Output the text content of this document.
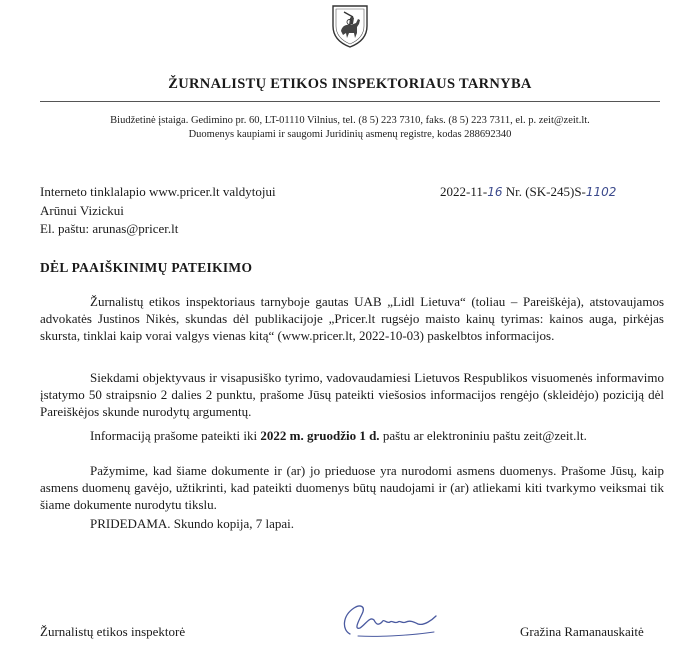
ŽURNALISTŲ ETIKOS INSPEKTORIAUS TARNYBA
Biudžetinė įstaiga. Gedimino pr. 60, LT-01110 Vilnius, tel. (8 5) 223 7310, faks. (8 5) 223 7311, el. p. zeit@zeit.lt.
Duomenys kaupiami ir saugomi Juridinių asmenų registre, kodas 288692340
Interneto tinklalapio www.pricer.lt valdytojui
Arūnui Vizickui
El. paštu: arunas@pricer.lt
2022-11-16 Nr. (SK-245)S-1102
DĖL PAAIŠKINIMŲ PATEIKIMO

Žurnalistų etikos inspektoriaus tarnyboje gautas UAB „Lidl Lietuva“ (toliau – Pareiškėja), atstovaujamos advokatės Justinos Nikės, skundas dėl publikacijoje „Pricer.lt rugsėjo maisto kainų tyrimas: kainos auga, pirkėjas skursta, tinklai kaip vorai valgys vienas kitą“ (www.pricer.lt, 2022-10-03) paskelbtos informacijos.

Siekdami objektyvaus ir visapusiško tyrimo, vadovaudamiesi Lietuvos Respublikos visuomenės informavimo įstatymo 50 straipsnio 2 dalies 2 punktu, prašome Jūsų pateikti viešosios informacijos rengėjo (skleidėjo) poziciją dėl Pareiškėjos skunde nurodytų argumentų.

Informaciją prašome pateikti iki 2022 m. gruodžio 1 d. paštu ar elektroniniu paštu zeit@zeit.lt.

Pažymime, kad šiame dokumente ir (ar) jo prieduose yra nurodomi asmens duomenys. Prašome Jūsų, kaip asmens duomenų gavėjo, užtikrinti, kad pateikti duomenys būtų naudojami ir (ar) atliekami kiti tvarkymo veiksmai tik šiame dokumente nurodytu tikslu.

PRIDEDAMA. Skundo kopija, 7 lapai.

Žurnalistų etikos inspektorė	Gražina Ramanauskaitė
